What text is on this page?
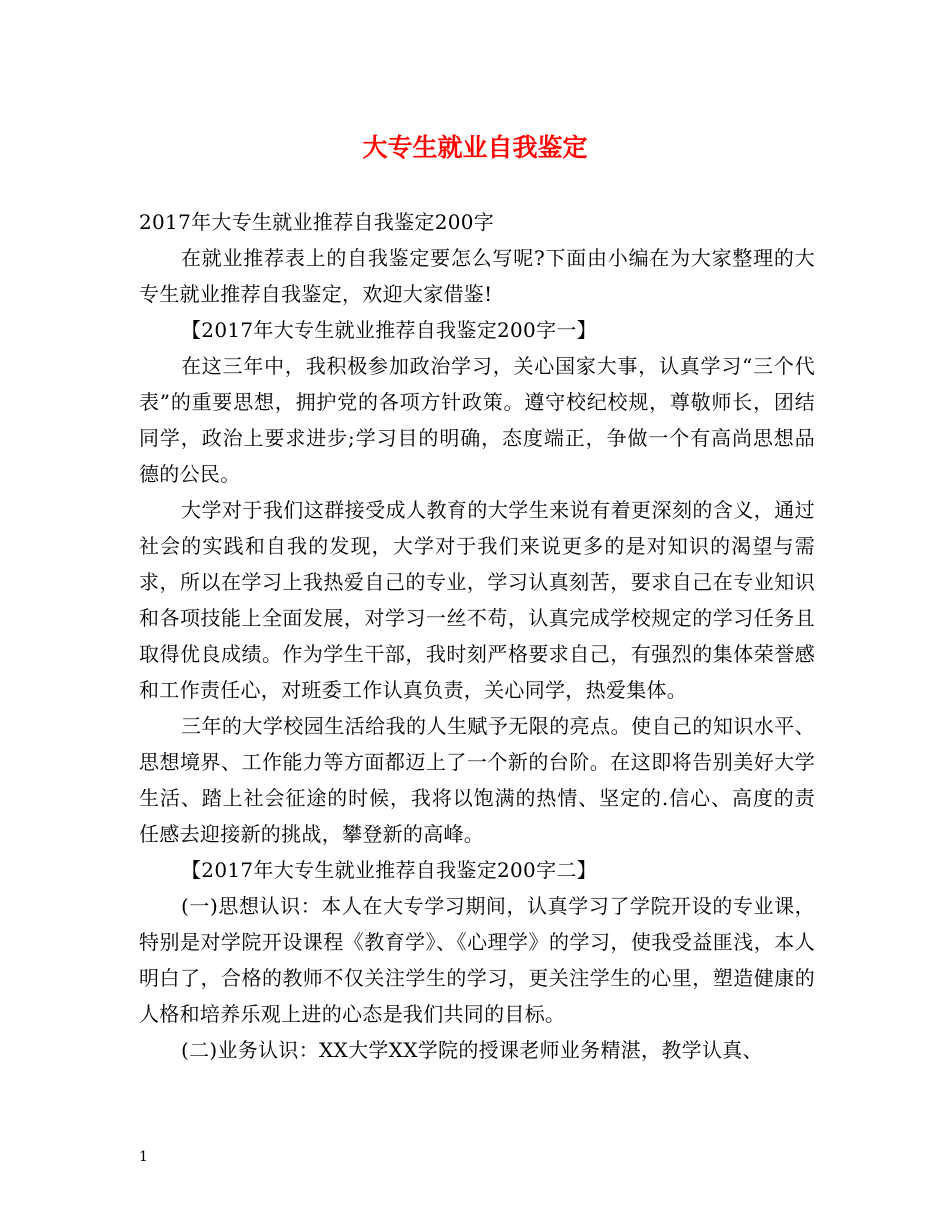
大专生就业自我鉴定

2017年大专生就业推荐自我鉴定200字

在就业推荐表上的自我鉴定要怎么写呢?下面由小编在为大家整理的大专生就业推荐自我鉴定，欢迎大家借鉴!

【2017年大专生就业推荐自我鉴定200字一】

在这三年中，我积极参加政治学习，关心国家大事，认真学习“三个代表”的重要思想，拥护党的各项方针政策。遵守校纪校规，尊敬师长，团结同学，政治上要求进步;学习目的明确，态度端正，争做一个有高尚思想品德的公民。

大学对于我们这群接受成人教育的大学生来说有着更深刻的含义，通过社会的实践和自我的发现，大学对于我们来说更多的是对知识的渴望与需求，所以在学习上我热爱自己的专业，学习认真刻苦，要求自己在专业知识和各项技能上全面发展，对学习一丝不苟，认真完成学校规定的学习任务且取得优良成绩。作为学生干部，我时刻严格要求自己，有强烈的集体荣誉感和工作责任心，对班委工作认真负责，关心同学，热爱集体。

三年的大学校园生活给我的人生赋予无限的亮点。使自己的知识水平、思想境界、工作能力等方面都迈上了一个新的台阶。在这即将告别美好大学生活、踏上社会征途的时候，我将以饱满的热情、坚定的.信心、高度的责任感去迎接新的挑战，攀登新的高峰。

【2017年大专生就业推荐自我鉴定200字二】

(一)思想认识：本人在大专学习期间，认真学习了学院开设的专业课，特别是对学院开设课程《教育学》、《心理学》的学习，使我受益匪浅，本人明白了，合格的教师不仅关注学生的学习，更关注学生的心里，塑造健康的人格和培养乐观上进的心态是我们共同的目标。

(二)业务认识：XX大学XX学院的授课老师业务精湛，教学认真、

1
